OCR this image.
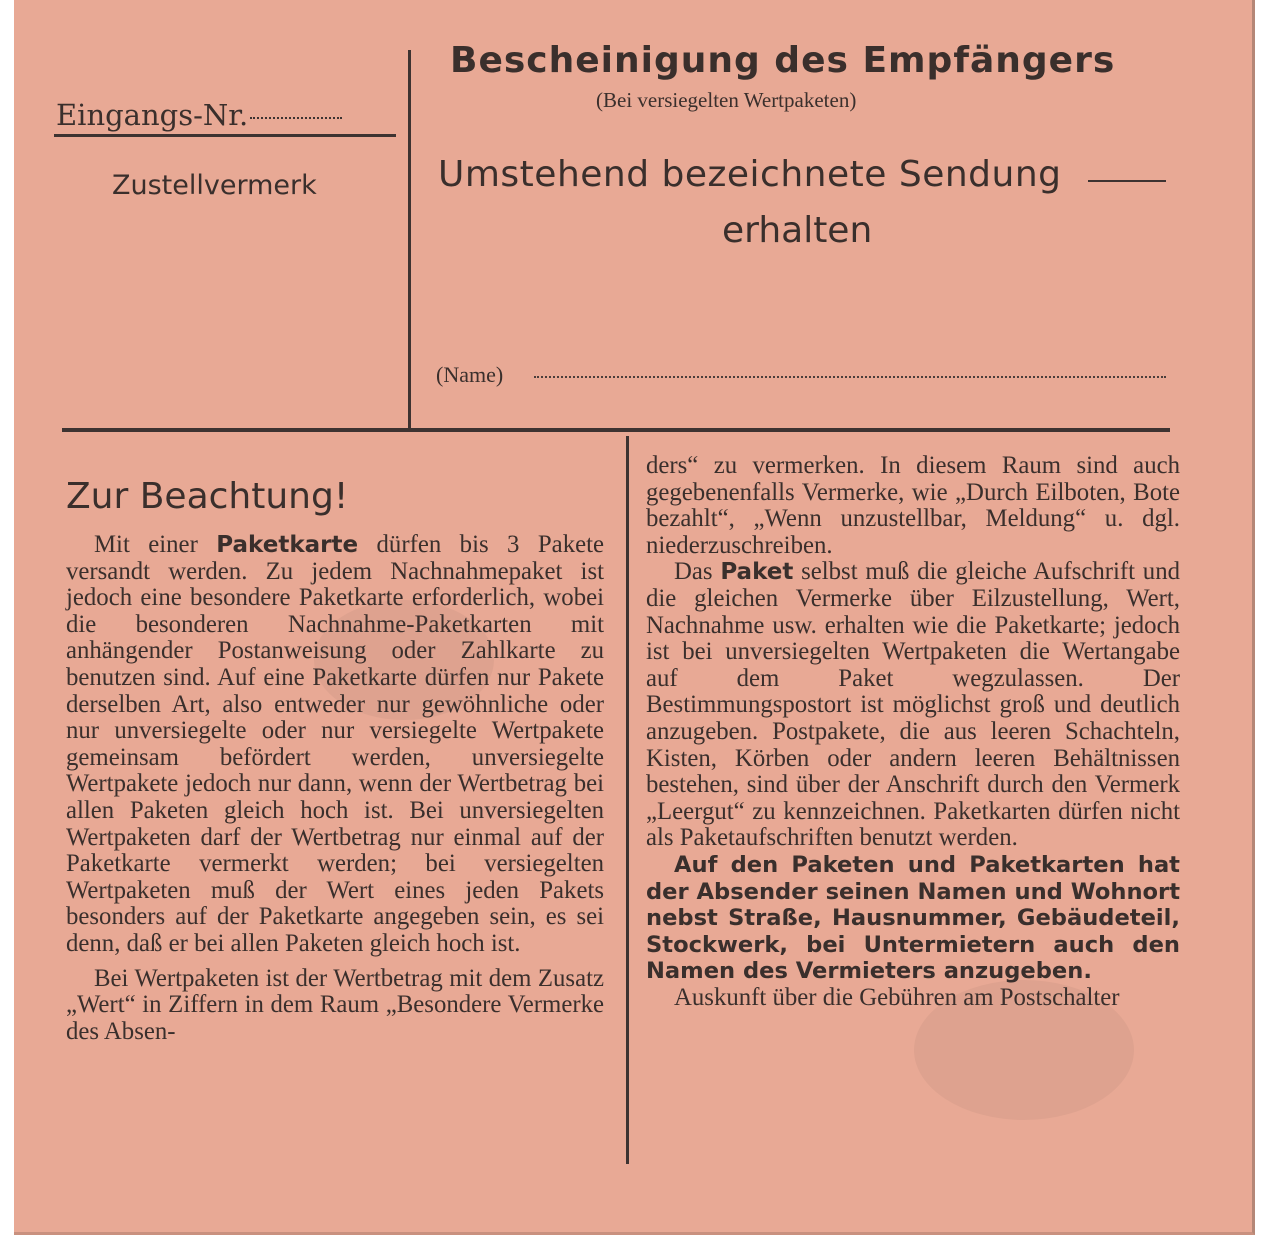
Eingangs-Nr.
Zustellvermerk
Bescheinigung des Empfängers
(Bei versiegelten Wertpaketen)
Umstehend bezeichnete Sendung
erhalten
(Name)
Zur Beachtung!

Mit einer Paketkarte dürfen bis 3 Pakete versandt werden. Zu jedem Nachnahmepaket ist jedoch eine besondere Paketkarte erforderlich, wobei die besonderen Nachnahme-Paketkarten mit anhängender Postanweisung oder Zahlkarte zu benutzen sind. Auf eine Paketkarte dürfen nur Pakete derselben Art, also entweder nur gewöhnliche oder nur unversiegelte oder nur versiegelte Wertpakete gemeinsam befördert werden, unversiegelte Wertpakete jedoch nur dann, wenn der Wertbetrag bei allen Paketen gleich hoch ist. Bei unversiegelten Wertpaketen darf der Wertbetrag nur einmal auf der Paketkarte vermerkt werden; bei versiegelten Wertpaketen muß der Wert eines jeden Pakets besonders auf der Paketkarte angegeben sein, es sei denn, daß er bei allen Paketen gleich hoch ist.

Bei Wertpaketen ist der Wertbetrag mit dem Zusatz „Wert“ in Ziffern in dem Raum „Besondere Vermerke des Absen-

ders“ zu vermerken. In diesem Raum sind auch gegebenenfalls Vermerke, wie „Durch Eilboten, Bote bezahlt“, „Wenn unzustellbar, Meldung“ u. dgl. niederzuschreiben.

Das Paket selbst muß die gleiche Aufschrift und die gleichen Vermerke über Eilzustellung, Wert, Nachnahme usw. erhalten wie die Paketkarte; jedoch ist bei unversiegelten Wertpaketen die Wertangabe auf dem Paket wegzulassen. Der Bestimmungspostort ist möglichst groß und deutlich anzugeben. Postpakete, die aus leeren Schachteln, Kisten, Körben oder andern leeren Behältnissen bestehen, sind über der Anschrift durch den Vermerk „Leergut“ zu kennzeichnen. Paketkarten dürfen nicht als Paketaufschriften benutzt werden.

Auf den Paketen und Paketkarten hat der Absender seinen Namen und Wohnort nebst Straße, Hausnummer, Gebäudeteil, Stockwerk, bei Untermietern auch den Namen des Vermieters anzugeben.

Auskunft über die Gebühren am Postschalter
